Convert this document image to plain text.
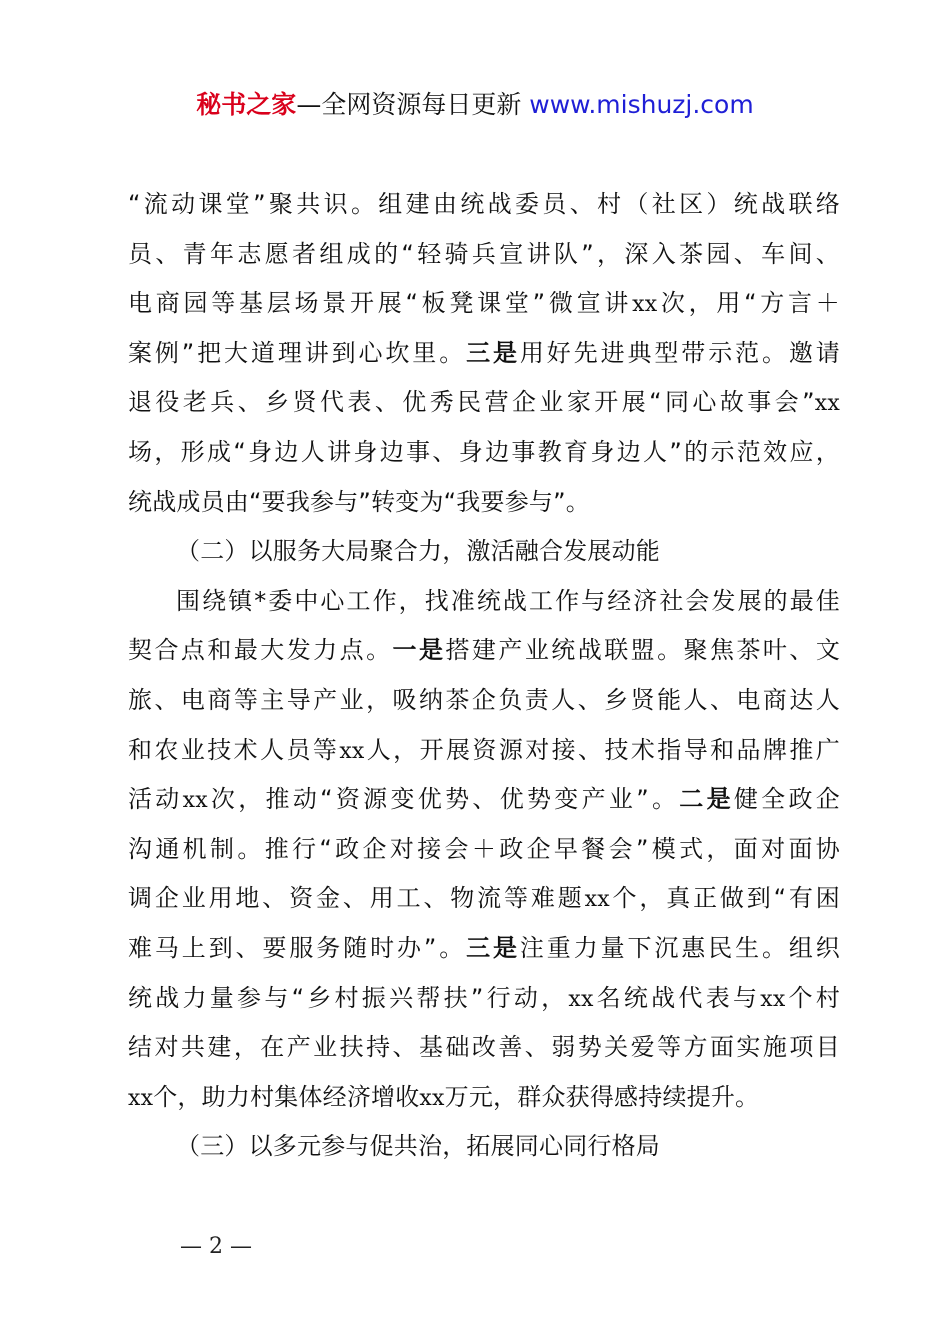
秘书之家—全网资源每日更新 www.mishuzj.com
“流动课堂”聚共识。组建由统战委员、村（社区）统战联络
员、青年志愿者组成的“轻骑兵宣讲队”，深入茶园、车间、
电商园等基层场景开展“板凳课堂”微宣讲xx次，用“方言＋
案例”把大道理讲到心坎里。三是用好先进典型带示范。邀请
退役老兵、乡贤代表、优秀民营企业家开展“同心故事会”xx
场，形成“身边人讲身边事、身边事教育身边人”的示范效应，
统战成员由“要我参与”转变为“我要参与”。
（二）以服务大局聚合力，激活融合发展动能
围绕镇*委中心工作，找准统战工作与经济社会发展的最佳
契合点和最大发力点。一是搭建产业统战联盟。聚焦茶叶、文
旅、电商等主导产业，吸纳茶企负责人、乡贤能人、电商达人
和农业技术人员等xx人，开展资源对接、技术指导和品牌推广
活动xx次，推动“资源变优势、优势变产业”。二是健全政企
沟通机制。推行“政企对接会＋政企早餐会”模式，面对面协
调企业用地、资金、用工、物流等难题xx个，真正做到“有困
难马上到、要服务随时办”。三是注重力量下沉惠民生。组织
统战力量参与“乡村振兴帮扶”行动，xx名统战代表与xx个村
结对共建，在产业扶持、基础改善、弱势关爱等方面实施项目
xx个，助力村集体经济增收xx万元，群众获得感持续提升。
（三）以多元参与促共治，拓展同心同行格局
— 2 —
